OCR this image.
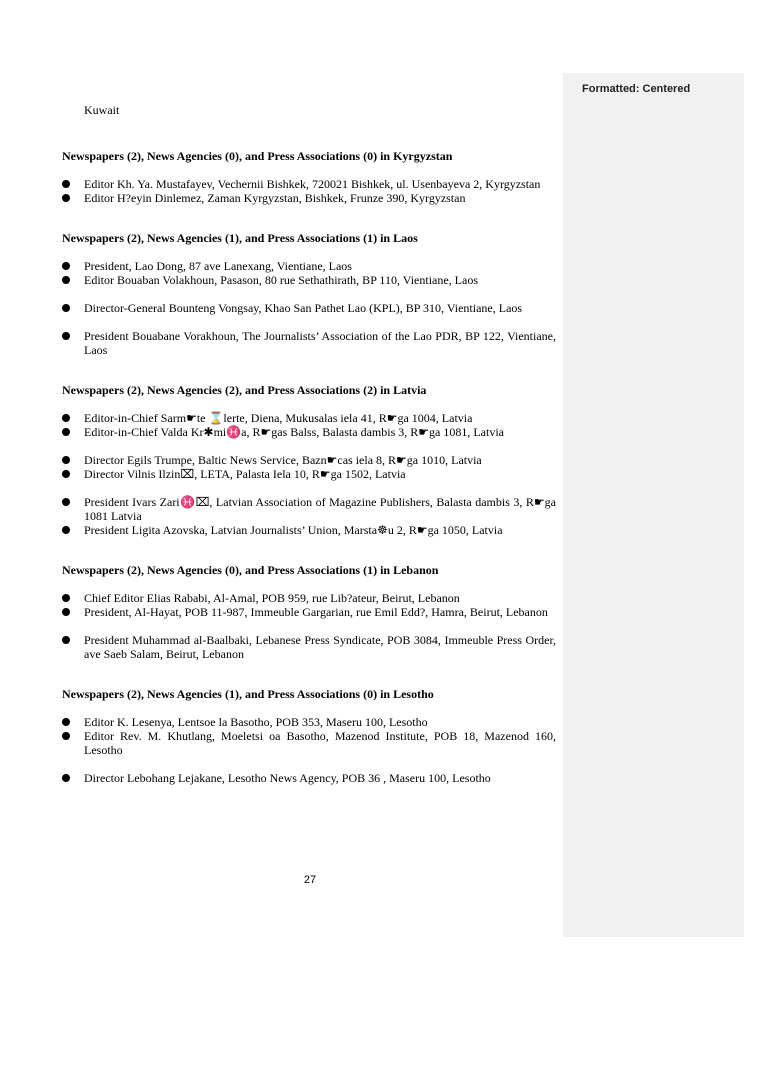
Formatted: Centered

Kuwait

Newspapers (2), News Agencies (0), and Press Associations (0) in Kyrgyzstan

Editor Kh. Ya. Mustafayev, Vechernii Bishkek, 720021 Bishkek, ul. Usenbayeva 2, Kyrgyzstan
Editor H?eyin Dinlemez, Zaman Kyrgyzstan, Bishkek, Frunze 390, Kyrgyzstan

Newspapers (2), News Agencies (1), and Press Associations (1) in Laos

President, Lao Dong, 87 ave Lanexang, Vientiane, Laos
Editor Bouaban Volakhoun, Pasason, 80 rue Sethathirath, BP 110, Vientiane, Laos
Director-General Bounteng Vongsay, Khao San Pathet Lao (KPL), BP 310, Vientiane, Laos
President Bouabane Vorakhoun, The Journalists’ Association of the Lao PDR, BP 122, Vientiane, Laos

Newspapers (2), News Agencies (2), and Press Associations (2) in Latvia

Editor-in-Chief Sarm☛te ⌛lerte, Diena, Mukusalas iela 41, R☛ga 1004, Latvia
Editor-in-Chief Valda Kr✱mi♓a, R☛gas Balss, Balasta dambis 3, R☛ga 1081, Latvia
Director Egils Trumpe, Baltic News Service, Bazn☛cas iela 8, R☛ga 1010, Latvia
Director Vilnis Ilzin⌧, LETA, Palasta Iela 10, R☛ga 1502, Latvia
President Ivars Zari♓⌧, Latvian Association of Magazine Publishers, Balasta dambis 3, R☛ga 1081 Latvia
President Ligita Azovska, Latvian Journalists’ Union, Marsta☸u 2, R☛ga 1050, Latvia

Newspapers (2), News Agencies (0), and Press Associations (1) in Lebanon

Chief Editor Elias Rababi, Al-Amal, POB 959, rue Lib?ateur, Beirut, Lebanon
President, Al-Hayat, POB 11-987, Immeuble Gargarian, rue Emil Edd?, Hamra, Beirut, Lebanon
President Muhammad al-Baalbaki, Lebanese Press Syndicate, POB 3084, Immeuble Press Order, ave Saeb Salam, Beirut, Lebanon

Newspapers (2), News Agencies (1), and Press Associations (0) in Lesotho

Editor K. Lesenya, Lentsoe la Basotho, POB 353, Maseru 100, Lesotho
Editor Rev. M. Khutlang, Moeletsi oa Basotho, Mazenod Institute, POB 18, Mazenod 160, Lesotho
Director Lebohang Lejakane, Lesotho News Agency, POB 36 , Maseru 100, Lesotho
27
